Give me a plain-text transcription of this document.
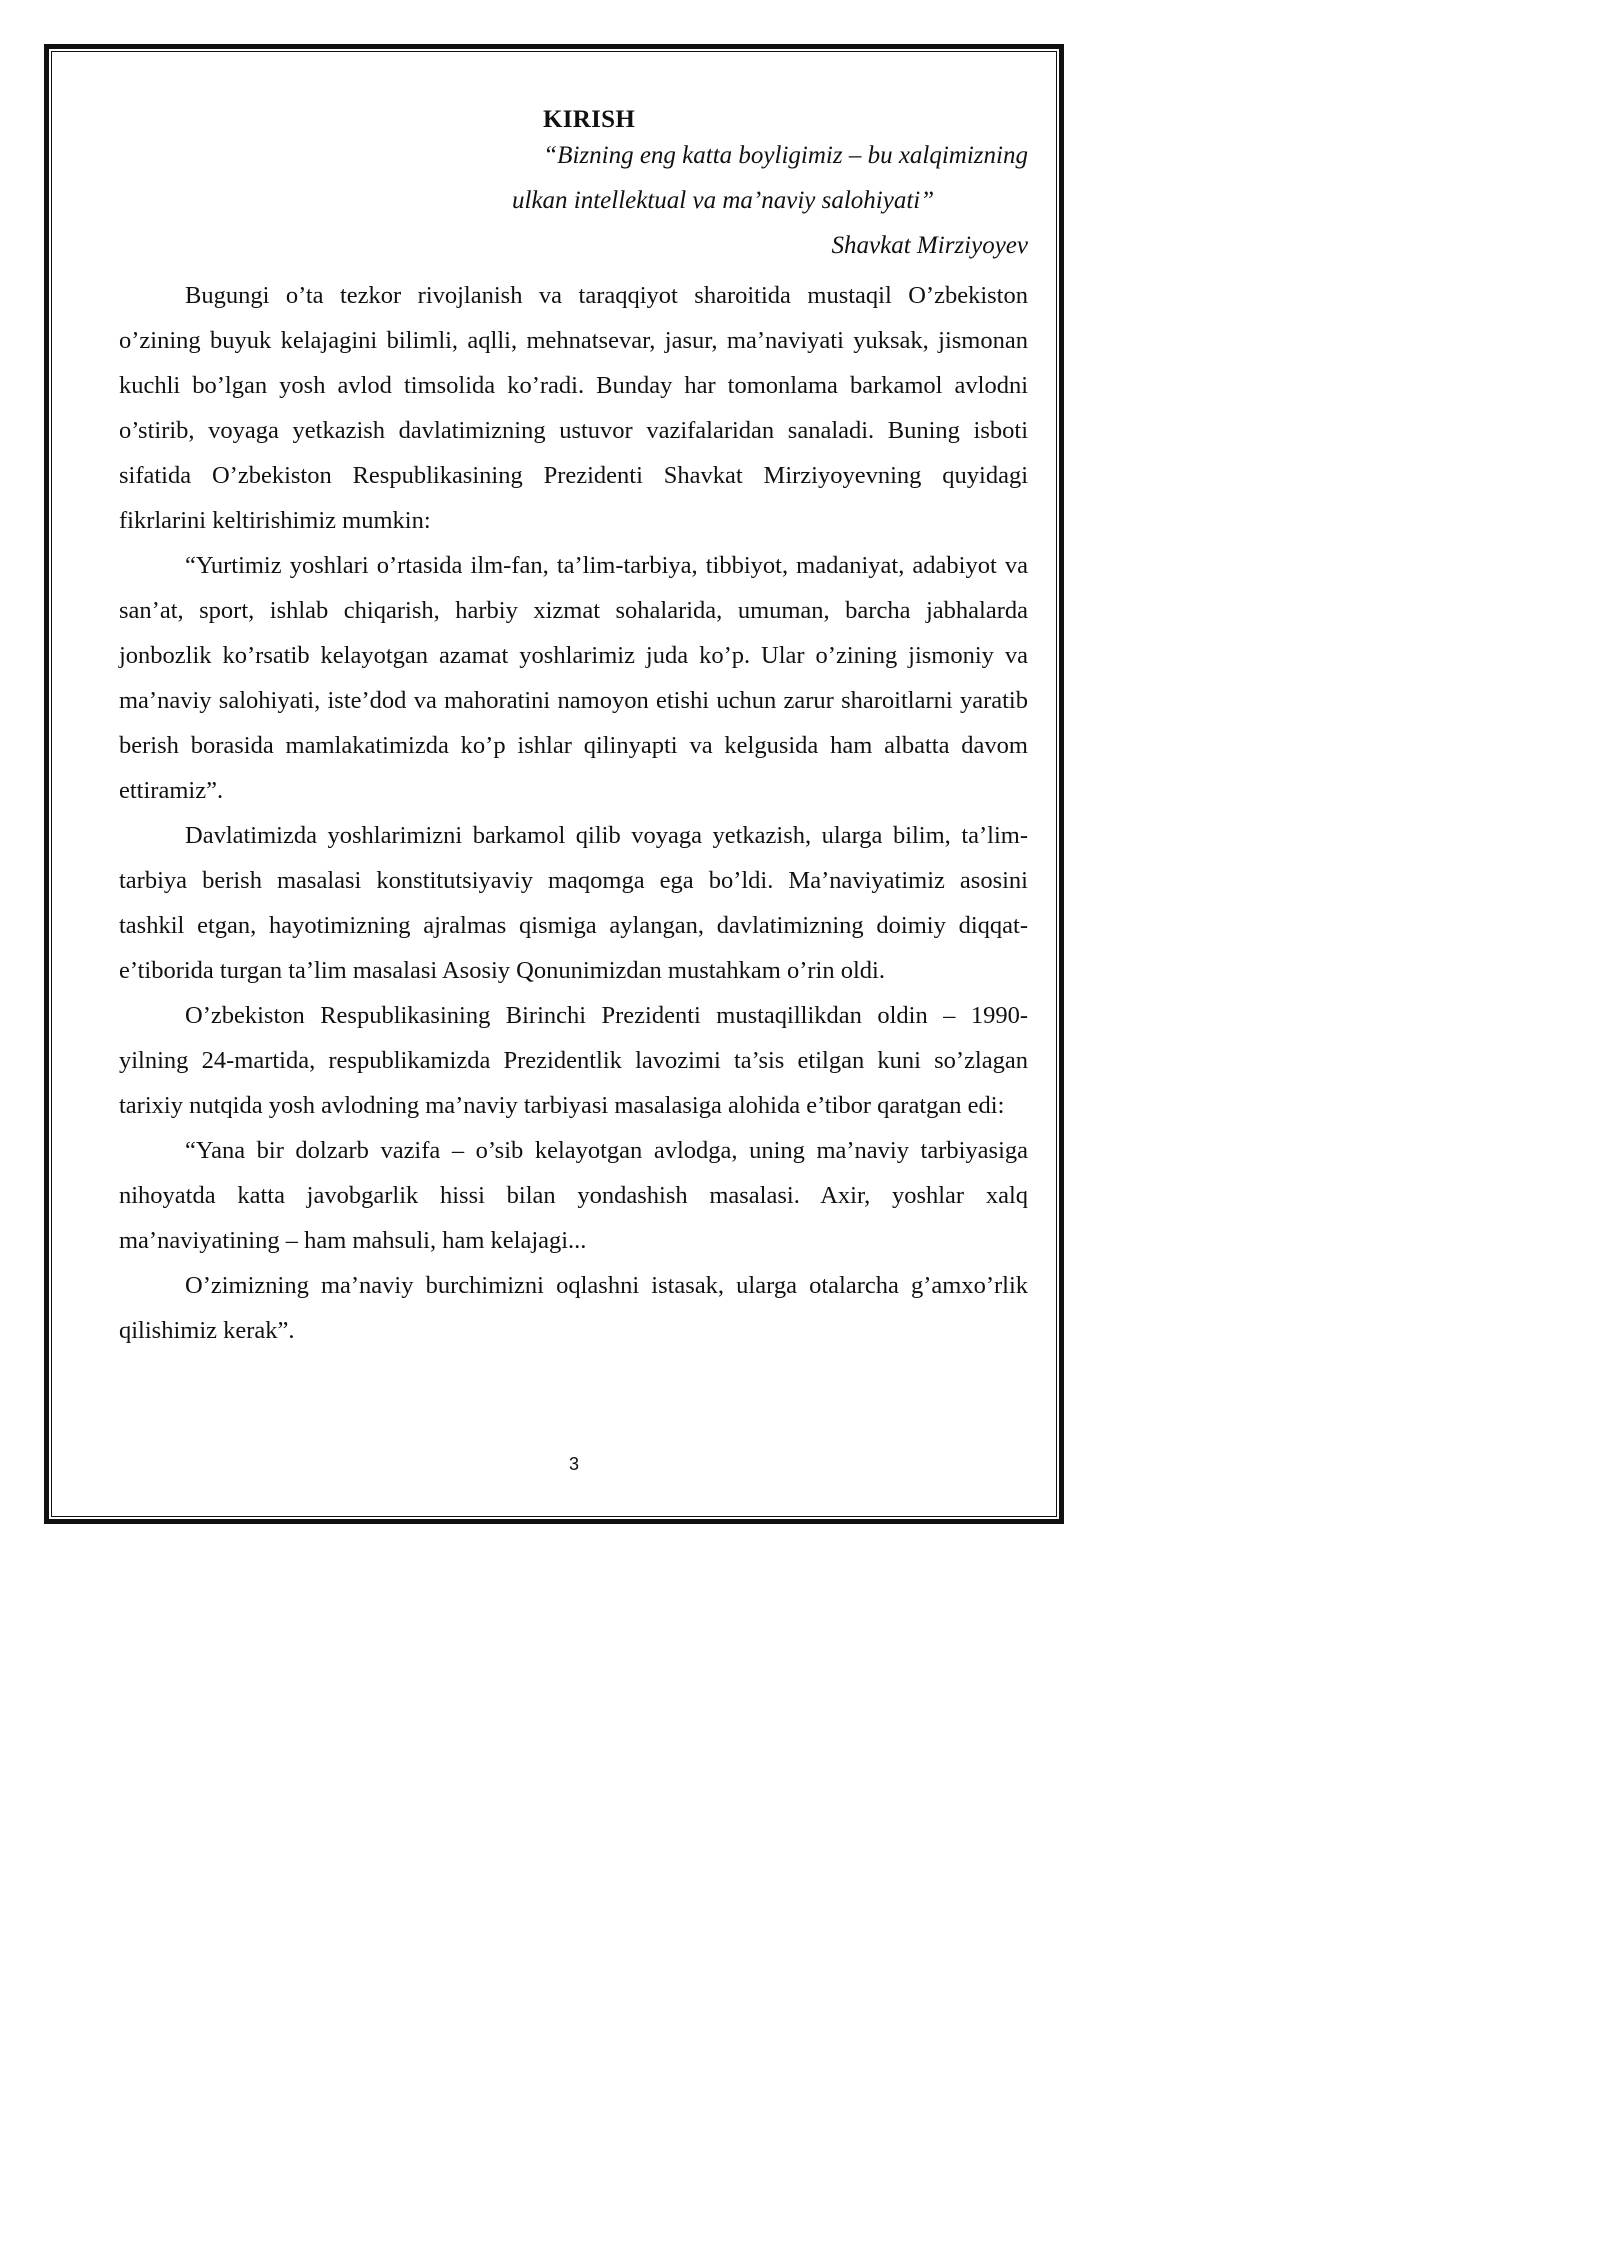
KIRISH
“Bizning eng katta boyligimiz – bu xalqimizning
ulkan intellektual va ma’naviy salohiyati”
Shavkat Mirziyoyev

Bugungi o’ta tezkor rivojlanish va taraqqiyot sharoitida mustaqil O’zbekiston o’zining buyuk kelajagini bilimli, aqlli, mehnatsevar, jasur, ma’naviyati yuksak, jismonan kuchli bo’lgan yosh avlod timsolida ko’radi. Bunday har tomonlama barkamol avlodni o’stirib, voyaga yetkazish davlatimizning ustuvor vazifalaridan sanaladi. Buning isboti sifatida O’zbekiston Respublikasining Prezidenti Shavkat Mirziyoyevning quyidagi fikrlarini keltirishimiz mumkin:

“Yurtimiz yoshlari o’rtasida ilm-fan, ta’lim-tarbiya, tibbiyot, madaniyat, adabiyot va san’at, sport, ishlab chiqarish, harbiy xizmat sohalarida, umuman, barcha jabhalarda jonbozlik ko’rsatib kelayotgan azamat yoshlarimiz juda ko’p. Ular o’zining jismoniy va ma’naviy salohiyati, iste’dod va mahoratini namoyon etishi uchun zarur sharoitlarni yaratib berish borasida mamlakatimizda ko’p ishlar qilinyapti va kelgusida ham albatta davom ettiramiz”.

Davlatimizda yoshlarimizni barkamol qilib voyaga yetkazish, ularga bilim, ta’lim-tarbiya berish masalasi konstitutsiyaviy maqomga ega bo’ldi. Ma’naviyatimiz asosini tashkil etgan, hayotimizning ajralmas qismiga aylangan, davlatimizning doimiy diqqat-e’tiborida turgan ta’lim masalasi Asosiy Qonunimizdan mustahkam o’rin oldi.

O’zbekiston Respublikasining Birinchi Prezidenti mustaqillikdan oldin – 1990-yilning 24-martida, respublikamizda Prezidentlik lavozimi ta’sis etilgan kuni so’zlagan tarixiy nutqida yosh avlodning ma’naviy tarbiyasi masalasiga alohida e’tibor qaratgan edi:

“Yana bir dolzarb vazifa – o’sib kelayotgan avlodga, uning ma’naviy tarbiyasiga nihoyatda katta javobgarlik hissi bilan yondashish masalasi. Axir, yoshlar xalq ma’naviyatining – ham mahsuli, ham kelajagi...

O’zimizning ma’naviy burchimizni oqlashni istasak, ularga otalarcha g’amxo’rlik qilishimiz kerak”.

3
